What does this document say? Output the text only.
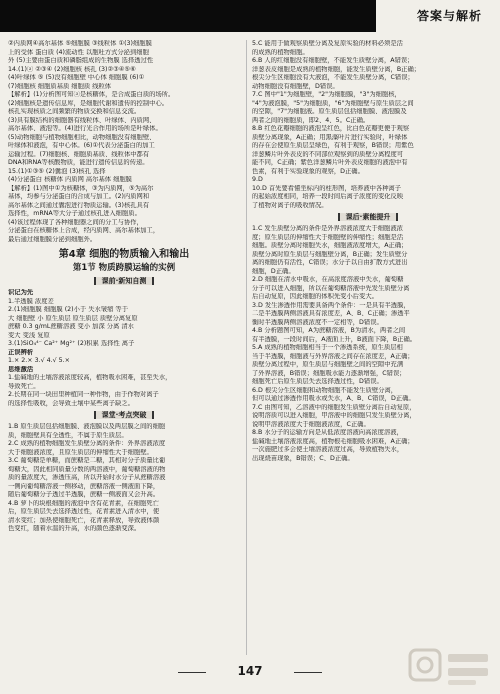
答案与解析
②内质网④高尔基体 ⑤细胞膜 ③线粒体 ①(3)细胞膜
上的受体 蛋白质 (4)流动性 以胞吐方式分泌到细胞
外 (5)主要由蛋白质和磷脂组成的生物膜 选择透过性
14.(1)ⓐ ②③④ (2)细胞核 核孔 (3)②③④⑤⑥
(4)叶绿体 ⑤ (5)没有细胞壁 中心体 细胞膜 (6)①
(7)细胞核 细胞质基质 细胞质 线粒体
【解析】(1)分析图可知ⓐ是核糖体，是合成蛋白质的场所。
(2)细胞核是遗传信息库，是细胞代谢和遗传的控制中心。
核孔实现核质之间频繁的物质交换和信息交流。
(3)具有膜结构的细胞器有线粒体、叶绿体、内质网、
高尔基体、液泡等。(4)进行光合作用的场所是叶绿体。
(5)动物细胞与植物细胞相比，动物细胞没有细胞壁、
叶绿体和液泡，有中心体。(6)①代表分泌蛋白的加工
运输过程。(7)细胞核、细胞质基质、线粒体中都有
DNA和RNA等核酸物质，能进行遗传信息的传递。
15.(1)①③⑤ (2)囊泡 (3)核孔 选择
(4)分泌蛋白 核糖体 内质网 高尔基体 细胞膜
【解析】(1)图中①为核糖体，③为内质网，⑤为高尔
基体，均参与分泌蛋白的合成与加工。(2)内质网和
高尔基体之间通过囊泡进行物质运输。(3)核孔具有
选择性，mRNA等大分子通过核孔进入细胞质。
(4)该过程体现了各种细胞器之间的分工与协作，
分泌蛋白在核糖体上合成，经内质网、高尔基体加工，
最后通过细胞膜分泌到细胞外。
第4章 细胞的物质输入和输出
第1节 物质跨膜运输的实例
课前·新知自测
识记为先
1.半透膜 浓度差
2.(1)细胞膜 细胞膜 (2)小于 失水皱缩 等于
大 细胞壁 小 原生质层 原生质层 质壁分离复原
蔗糖 0.3 g/mL蔗糖溶液 变小 加深 分离 清水
变大 变浅 复原
3.(1)SiO₄⁴⁻ Ca²⁺ Mg²⁺ (2)积累 选择性 离子
正误辨析
1.× 2.× 3.√ 4.√ 5.×
思维激活
1.盐碱地的土壤溶液浓度较高，植物吸水困难，甚至失水，
导致死亡。
2.长期在同一块田里种植同一种作物，由于作物对离子
的选择性吸收，会导致土壤中某些离子缺乏。
课堂·考点突破
1.B 原生质层包括细胞膜、液泡膜以及两层膜之间的细胞
质，细胞壁具有全透性，不属于原生质层。
2.C 成熟的植物细胞发生质壁分离的条件：外界溶液浓度
大于细胞液浓度，且原生质层的伸缩性大于细胞壁。
3.C 葡萄糖是单糖，而蔗糖是二糖，其相对分子质量比葡
萄糖大，因此相同质量分数的两溶液中，葡萄糖溶液的物
质的量浓度大，渗透压高，所以开始时水分子从蔗糖溶液
一侧向葡萄糖溶液一侧移动，蔗糖溶液一侧液面下降，
随后葡萄糖分子透过半透膜，蔗糖一侧液面又会升高。
4.B 萝卜的块根细胞的液泡中含有花青素，在细胞死亡
后，原生质层失去选择透过性，花青素进入清水中，使
清水变红；加热使细胞死亡，花青素释放，导致液体颜
色变红，随着水温的升高，水的颜色逐渐变深。
5.C 能用于做观察质壁分离及复原实验的材料必须是活
的成熟的植物细胞。
6.B 人的红细胞没有细胞壁，不能发生质壁分离，A错误；
洋葱表皮细胞是成熟的植物细胞，能发生质壁分离，B正确；
根尖分生区细胞没有大液泡，不能发生质壁分离，C错误；
动物细胞没有细胞壁，D错误。
7.C 图中"1"为细胞壁，"2"为细胞膜，"3"为细胞核，
"4"为液泡膜，"5"为细胞质，"6"为细胞壁与原生质层之间
的空隙，"7"为细胞液。原生质层包括细胞膜、液泡膜及
两者之间的细胞质，即2、4、5。C正确。
8.B 红色花瓣细胞的液泡呈红色，比白色花瓣更便于观察
质壁分离现象，A正确；用黑藻叶片进行实验时，叶绿体
的存在会使原生质层呈绿色，有利于观察，B错误；用紫色
洋葱鳞片叶外表皮的不同部位观察到的质壁分离程度可
能不同，C正确；紫色洋葱鳞片叶外表皮细胞的液泡中有
色素，有利于实验现象的观察，D正确。
9.D
10.D 首先要看懂坐标内的柱形图，培养液中各种离子
的起始浓度相同，培养一段时间后离子浓度的变化反映
了植物对离子的吸收情况。
课后·素能提升
1.C 发生质壁分离的条件是外界溶液浓度大于细胞液浓
度；原生质层的伸缩性大于细胞壁的伸缩性；细胞是活
细胞。质壁分离时细胞失水，细胞液浓度增大，A正确；
质壁分离时原生质层与细胞壁分离，B正确；发生质壁分
离的细胞仍有活性，C错误；水分子以自由扩散方式进出
细胞，D正确。
2.D 细胞在清水中吸水，在高浓度溶液中失水，葡萄糖
分子可以进入细胞，所以在葡萄糖溶液中先发生质壁分离
后自动复原，因此细胞的体积先变小后变大。
3.D 发生渗透作用需要具备两个条件：一是具有半透膜，
二是半透膜两侧溶液具有浓度差，A、B、C正确；渗透平
衡时半透膜两侧溶液浓度不一定相等，D错误。
4.B 分析题图可知，A为蔗糖溶液，B为清水，两者之间
有半透膜，一段时间后，A液面上升，B液面下降，B正确。
5.A 成熟的植物细胞相当于一个渗透系统，原生质层相
当于半透膜，细胞液与外界溶液之间存在浓度差，A正确；
质壁分离过程中，原生质层与细胞壁之间的空隙中充满
了外界溶液，B错误；细胞吸水能力逐渐增强，C错误；
细胞死亡后原生质层失去选择透过性，D错误。
6.D 根尖分生区细胞和动物细胞不能发生质壁分离，
但可以通过渗透作用吸水或失水，A、B、C错误，D正确。
7.C 由图可知，乙溶液中的细胞发生质壁分离后自动复原，
说明溶质可以进入细胞，甲溶液中的细胞只发生质壁分离，
说明甲溶液浓度大于细胞液浓度，C正确。
8.B 水分子的运输方向是从低浓度溶液向高浓度溶液，
盐碱地土壤溶液浓度高，植物根毛细胞吸水困难，A正确；
一次施肥过多会使土壤溶液浓度过高，导致植物失水，
出现烧苗现象，B错误；C、D正确。
147
